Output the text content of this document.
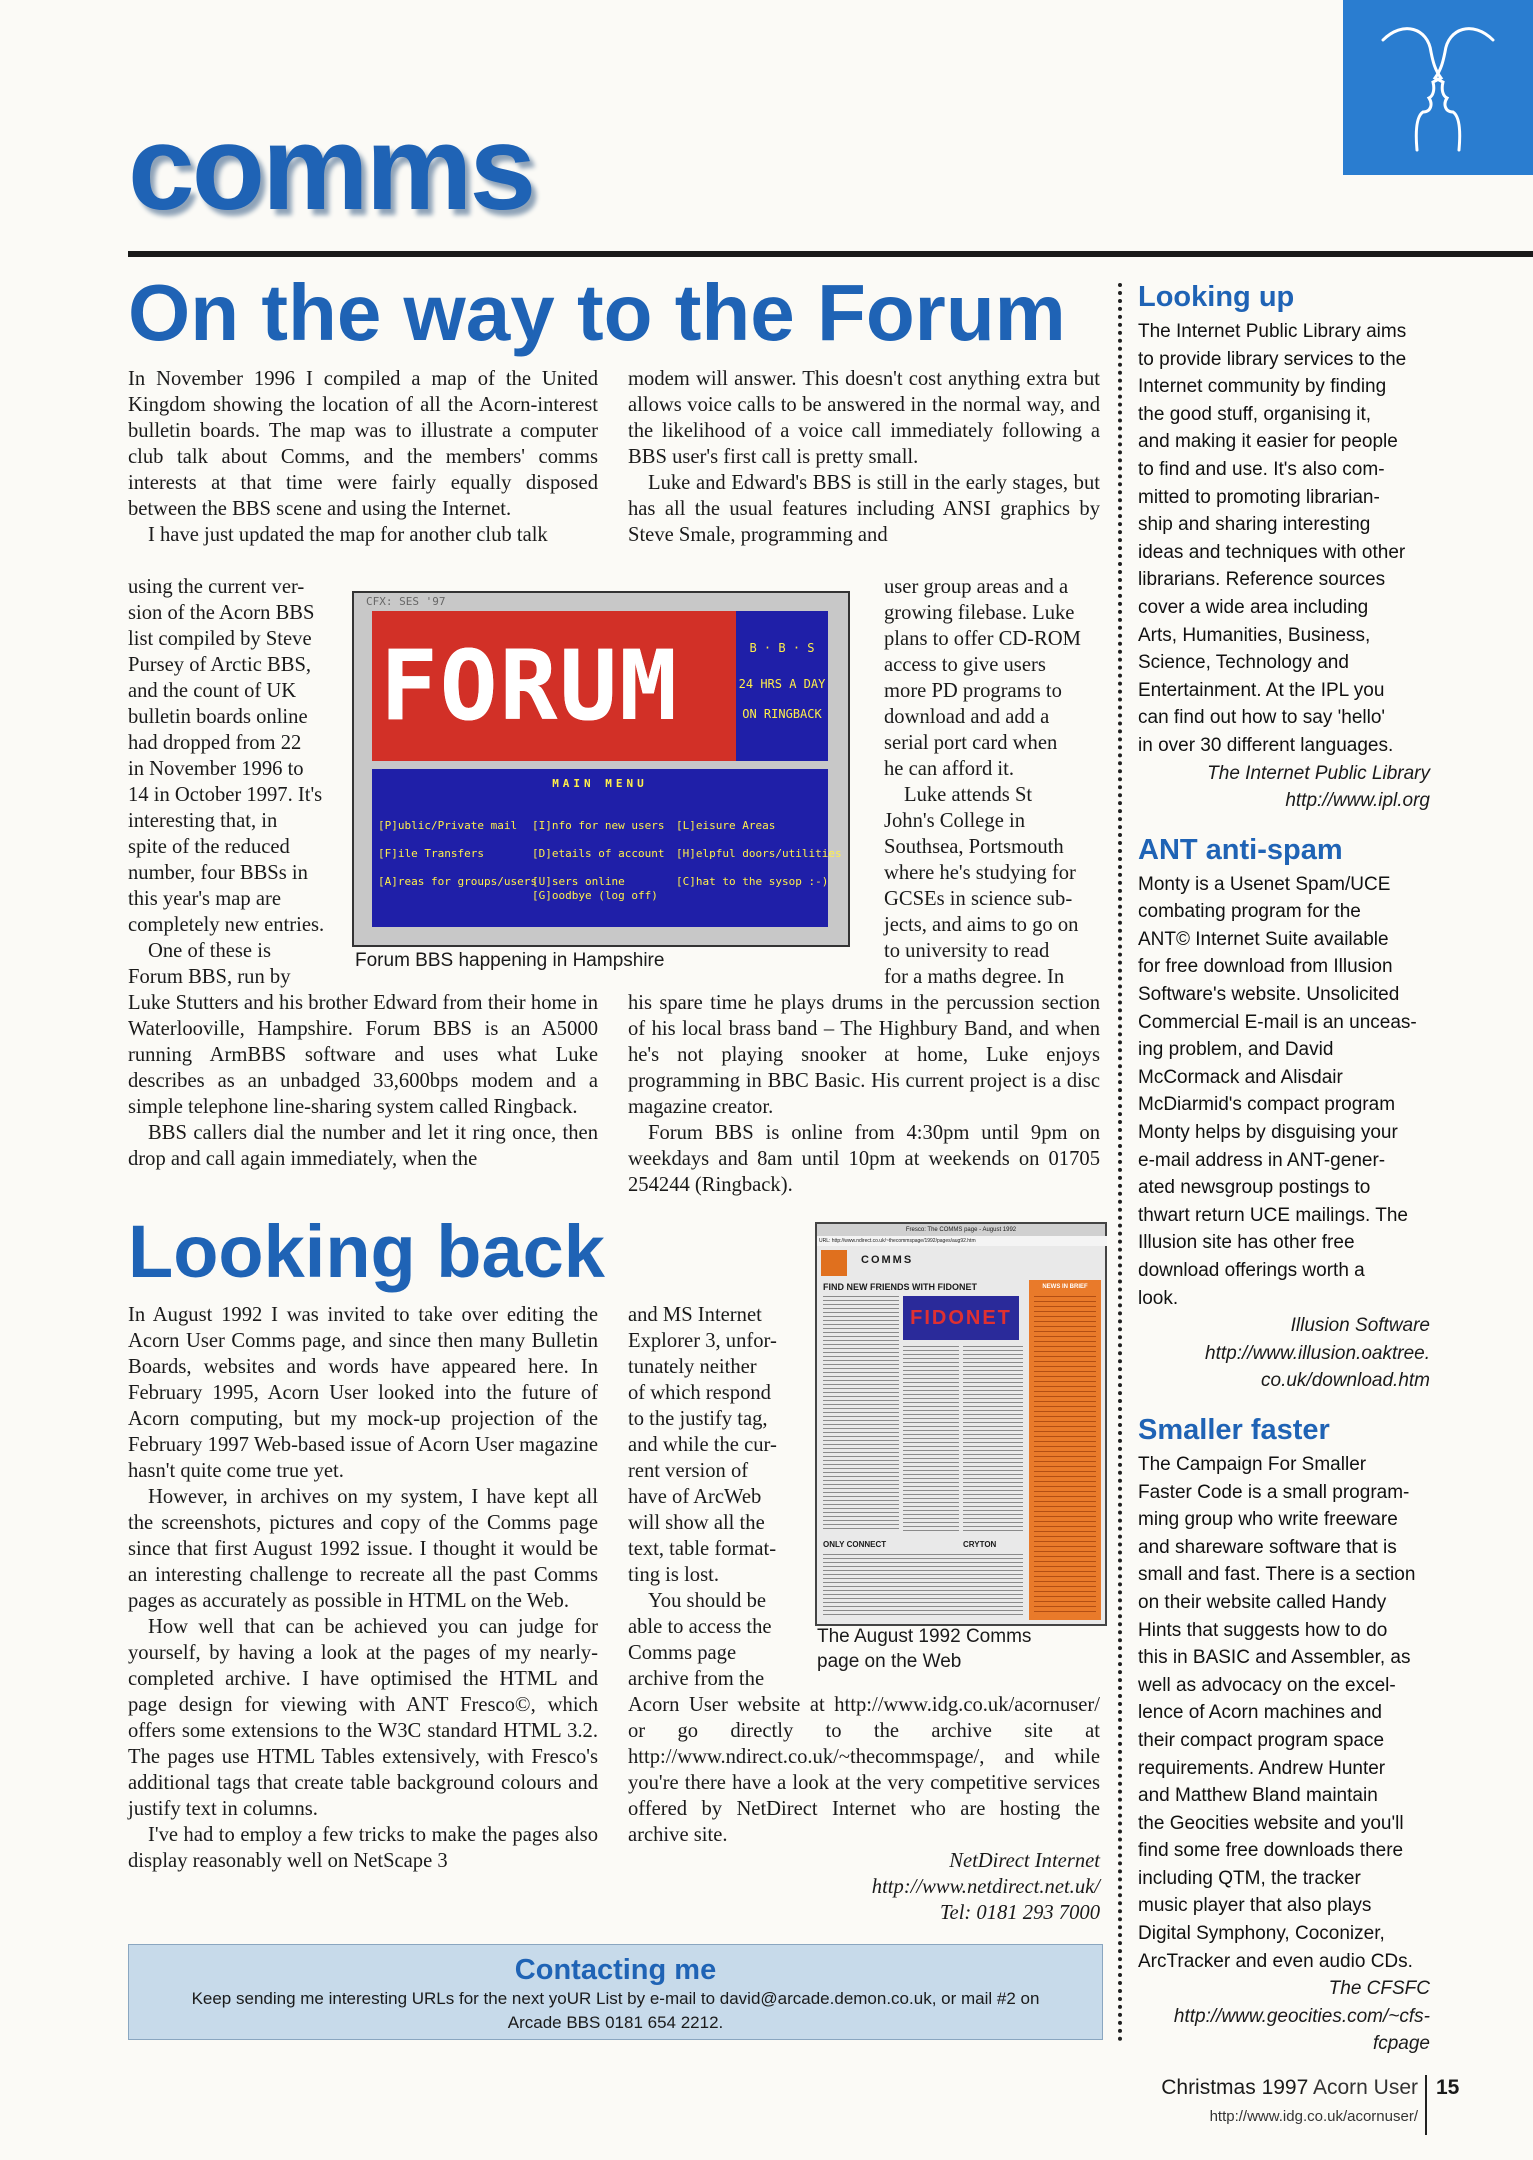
comms
On the way to the Forum

In November 1996 I compiled a map of the United Kingdom showing the location of all the Acorn-interest bulletin boards. The map was to illustrate a computer club talk about Comms, and the members' comms interests at that time were fairly equally disposed between the BBS scene and using the Internet.

I have just updated the map for another club talk

using the current ver-
sion of the Acorn BBS
list compiled by Steve
Pursey of Arctic BBS,
and the count of UK
bulletin boards online
had dropped from 22
in November 1996 to
14 in October 1997. It's
interesting that, in
spite of the reduced
number, four BBSs in
this year's map are
completely new entries.
One of these is
Forum BBS, run by

Luke Stutters and his brother Edward from their home in Waterlooville, Hampshire. Forum BBS is an A5000 running ArmBBS software and uses what Luke describes as an unbadged 33,600bps modem and a simple telephone line-sharing system called Ringback.

BBS callers dial the number and let it ring once, then drop and call again immediately, when the

modem will answer. This doesn't cost anything extra but allows voice calls to be answered in the normal way, and the likelihood of a voice call immediately following a BBS user's first call is pretty small.

Luke and Edward's BBS is still in the early stages, but has all the usual features including ANSI graphics by Steve Smale, programming and

user group areas and a
growing filebase. Luke
plans to offer CD-ROM
access to give users
more PD programs to
download and add a
serial port card when
he can afford it.
Luke attends St
John's College in
Southsea, Portsmouth
where he's studying for
GCSEs in science sub-
jects, and aims to go on
to university to read
for a maths degree. In

his spare time he plays drums in the percussion section of his local brass band – The Highbury Band, and when he's not playing snooker at home, Luke enjoys programming in BBC Basic. His current project is a disc magazine creator.

Forum BBS is online from 4:30pm until 9pm on weekdays and 8am until 10pm at weekends on 01705 254244 (Ringback).

CFX: SES '97
FORUM	B · B · S
24 HRS A DAY
ON RINGBACK
MAIN MENU
[P]ublic/Private mail [I]nfo for new users [L]eisure Areas
[F]ile Transfers	[D]etails of account [H]elpful doors/utilities
[A]reas for groups/users
[U]sers online	[C]hat to the sysop :-)
[G]oodbye (log off)
Forum BBS happening in Hampshire
Looking back

In August 1992 I was invited to take over editing the Acorn User Comms page, and since then many Bulletin Boards, websites and words have appeared here. In February 1995, Acorn User looked into the future of Acorn computing, but my mock-up projection of the February 1997 Web-based issue of Acorn User magazine hasn't quite come true yet.

However, in archives on my system, I have kept all the screenshots, pictures and copy of the Comms page since that first August 1992 issue. I thought it would be an interesting challenge to recreate all the past Comms pages as accurately as possible in HTML on the Web.

How well that can be achieved you can judge for yourself, by having a look at the pages of my nearly-completed archive. I have optimised the HTML and page design for viewing with ANT Fresco©, which offers some extensions to the W3C standard HTML 3.2. The pages use HTML Tables extensively, with Fresco's additional tags that create table background colours and justify text in columns.

I've had to employ a few tricks to make the pages also display reasonably well on NetScape 3

and MS Internet
Explorer 3, unfor-
tunately neither
of which respond
to the justify tag,
and while the cur-
rent version of
have of ArcWeb
will show all the
text, table format-
ting is lost.
You should be
able to access the
Comms page
archive from the

Acorn User website at http://www.idg.co.uk/acornuser/ or go directly to the archive site at http://www.ndirect.co.uk/~thecommspage/, and while you're there have a look at the very competitive services offered by NetDirect Internet who are hosting the archive site.

NetDirect Internet
http://www.netdirect.net.uk/
Tel: 0181 293 7000
Fresco: The COMMS page - August 1992
URL: http://www.ndirect.co.uk/~thecommspage/1992/pages/aug92.htm
COMMS
FIND NEW FRIENDS WITH FIDONET
FIDONET
NEWS IN BRIEF
ONLY CONNECT	CRYTON
The August 1992 Comms
page on the Web
Contacting me
Keep sending me interesting URLs for the next yoUR List by e-mail to david@arcade.demon.co.uk, or mail #2 on
Arcade BBS 0181 654 2212.
Looking up
The Internet Public Library aims
to provide library services to the
Internet community by finding
the good stuff, organising it,
and making it easier for people
to find and use. It's also com-
mitted to promoting librarian-
ship and sharing interesting
ideas and techniques with other
librarians. Reference sources
cover a wide area including
Arts, Humanities, Business,
Science, Technology and
Entertainment. At the IPL you
can find out how to say 'hello'
in over 30 different languages.
The Internet Public Library
http://www.ipl.org
ANT anti-spam
Monty is a Usenet Spam/UCE
combating program for the
ANT© Internet Suite available
for free download from Illusion
Software's website. Unsolicited
Commercial E-mail is an unceas-
ing problem, and David
McCormack and Alisdair
McDiarmid's compact program
Monty helps by disguising your
e-mail address in ANT-gener-
ated newsgroup postings to
thwart return UCE mailings. The
Illusion site has other free
download offerings worth a
look.
Illusion Software
http://www.illusion.oaktree.
co.uk/download.htm
Smaller faster
The Campaign For Smaller
Faster Code is a small program-
ming group who write freeware
and shareware software that is
small and fast. There is a section
on their website called Handy
Hints that suggests how to do
this in BASIC and Assembler, as
well as advocacy on the excel-
lence of Acorn machines and
their compact program space
requirements. Andrew Hunter
and Matthew Bland maintain
the Geocities website and you'll
find some free downloads there
including QTM, the tracker
music player that also plays
Digital Symphony, Coconizer,
ArcTracker and even audio CDs.
The CFSFC
http://www.geocities.com/~cfs-
fcpage
Christmas 1997 Acorn User
http://www.idg.co.uk/acornuser/
15
